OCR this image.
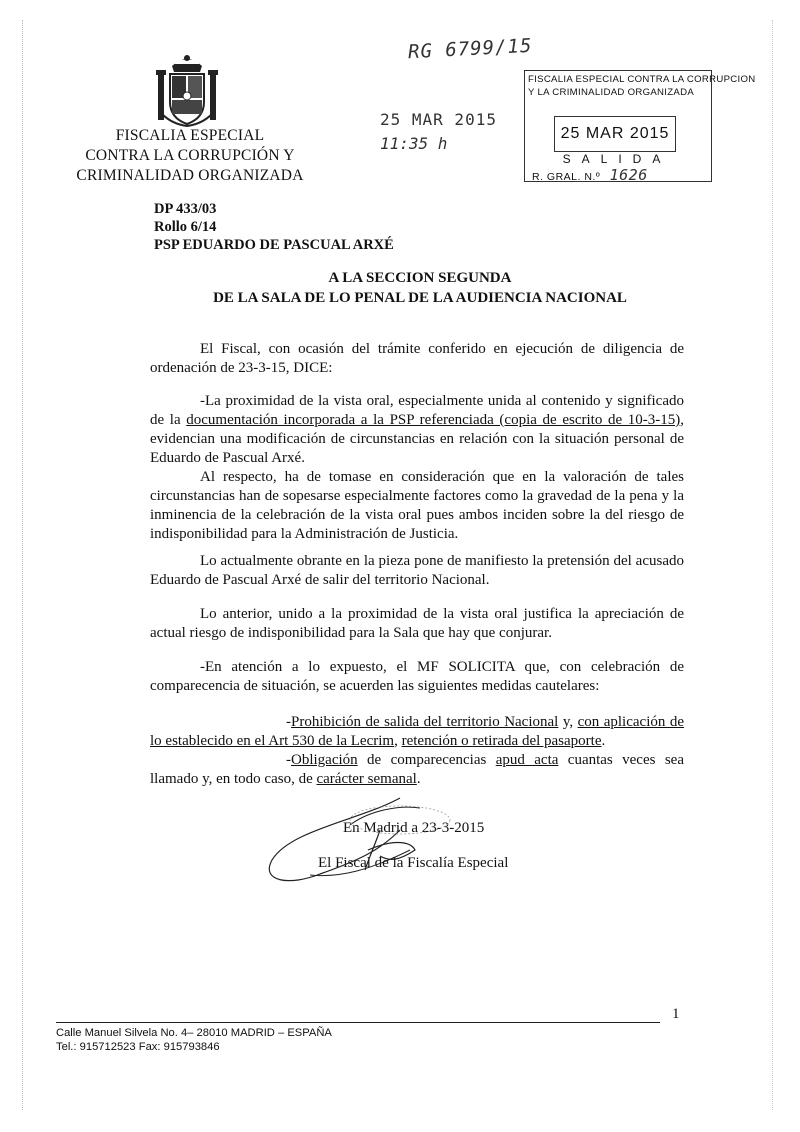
FISCALIA ESPECIAL
CONTRA LA CORRUPCIÓN Y
CRIMINALIDAD ORGANIZADA
RG 6799/15
25 MAR 2015
11:35 h
FISCALIA ESPECIAL CONTRA LA CORRUPCION
Y LA CRIMINALIDAD ORGANIZADA
25 MAR 2015
SALIDA
R. GRAL. N.º 1626
DP 433/03
Rollo 6/14
PSP EDUARDO DE PASCUAL ARXÉ
A LA SECCION SEGUNDA
DE LA SALA DE LO PENAL DE LA AUDIENCIA NACIONAL

El Fiscal, con ocasión del trámite conferido en ejecución de diligencia de ordenación de 23-3-15, DICE:

-La proximidad de la vista oral, especialmente unida al contenido y significado de la documentación incorporada a la PSP referenciada (copia de escrito de 10-3-15), evidencian una modificación de circunstancias en relación con la situación personal de Eduardo de Pascual Arxé.

Al respecto, ha de tomase en consideración que en la valoración de tales circunstancias han de sopesarse especialmente factores como la gravedad de la pena y la inminencia de la celebración de la vista oral pues ambos inciden sobre la del riesgo de indisponibilidad para la Administración de Justicia.

Lo actualmente obrante en la pieza pone de manifiesto la pretensión del acusado Eduardo de Pascual Arxé de salir del territorio Nacional.

Lo anterior, unido a la proximidad de la vista oral justifica la apreciación de actual riesgo de indisponibilidad para la Sala que hay que conjurar.

-En atención a lo expuesto, el MF SOLICITA que, con celebración de comparecencia de situación, se acuerden las siguientes medidas cautelares:

-Prohibición de salida del territorio Nacional y, con aplicación de lo establecido en el Art 530 de la Lecrim, retención o retirada del pasaporte.

-Obligación de comparecencias apud acta cuantas veces sea llamado y, en todo caso, de carácter semanal.

En Madrid a 23-3-2015
El Fiscal de la Fiscalía Especial
1
Calle Manuel Silvela No. 4– 28010 MADRID – ESPAÑA
Tel.: 915712523 Fax: 915793846
